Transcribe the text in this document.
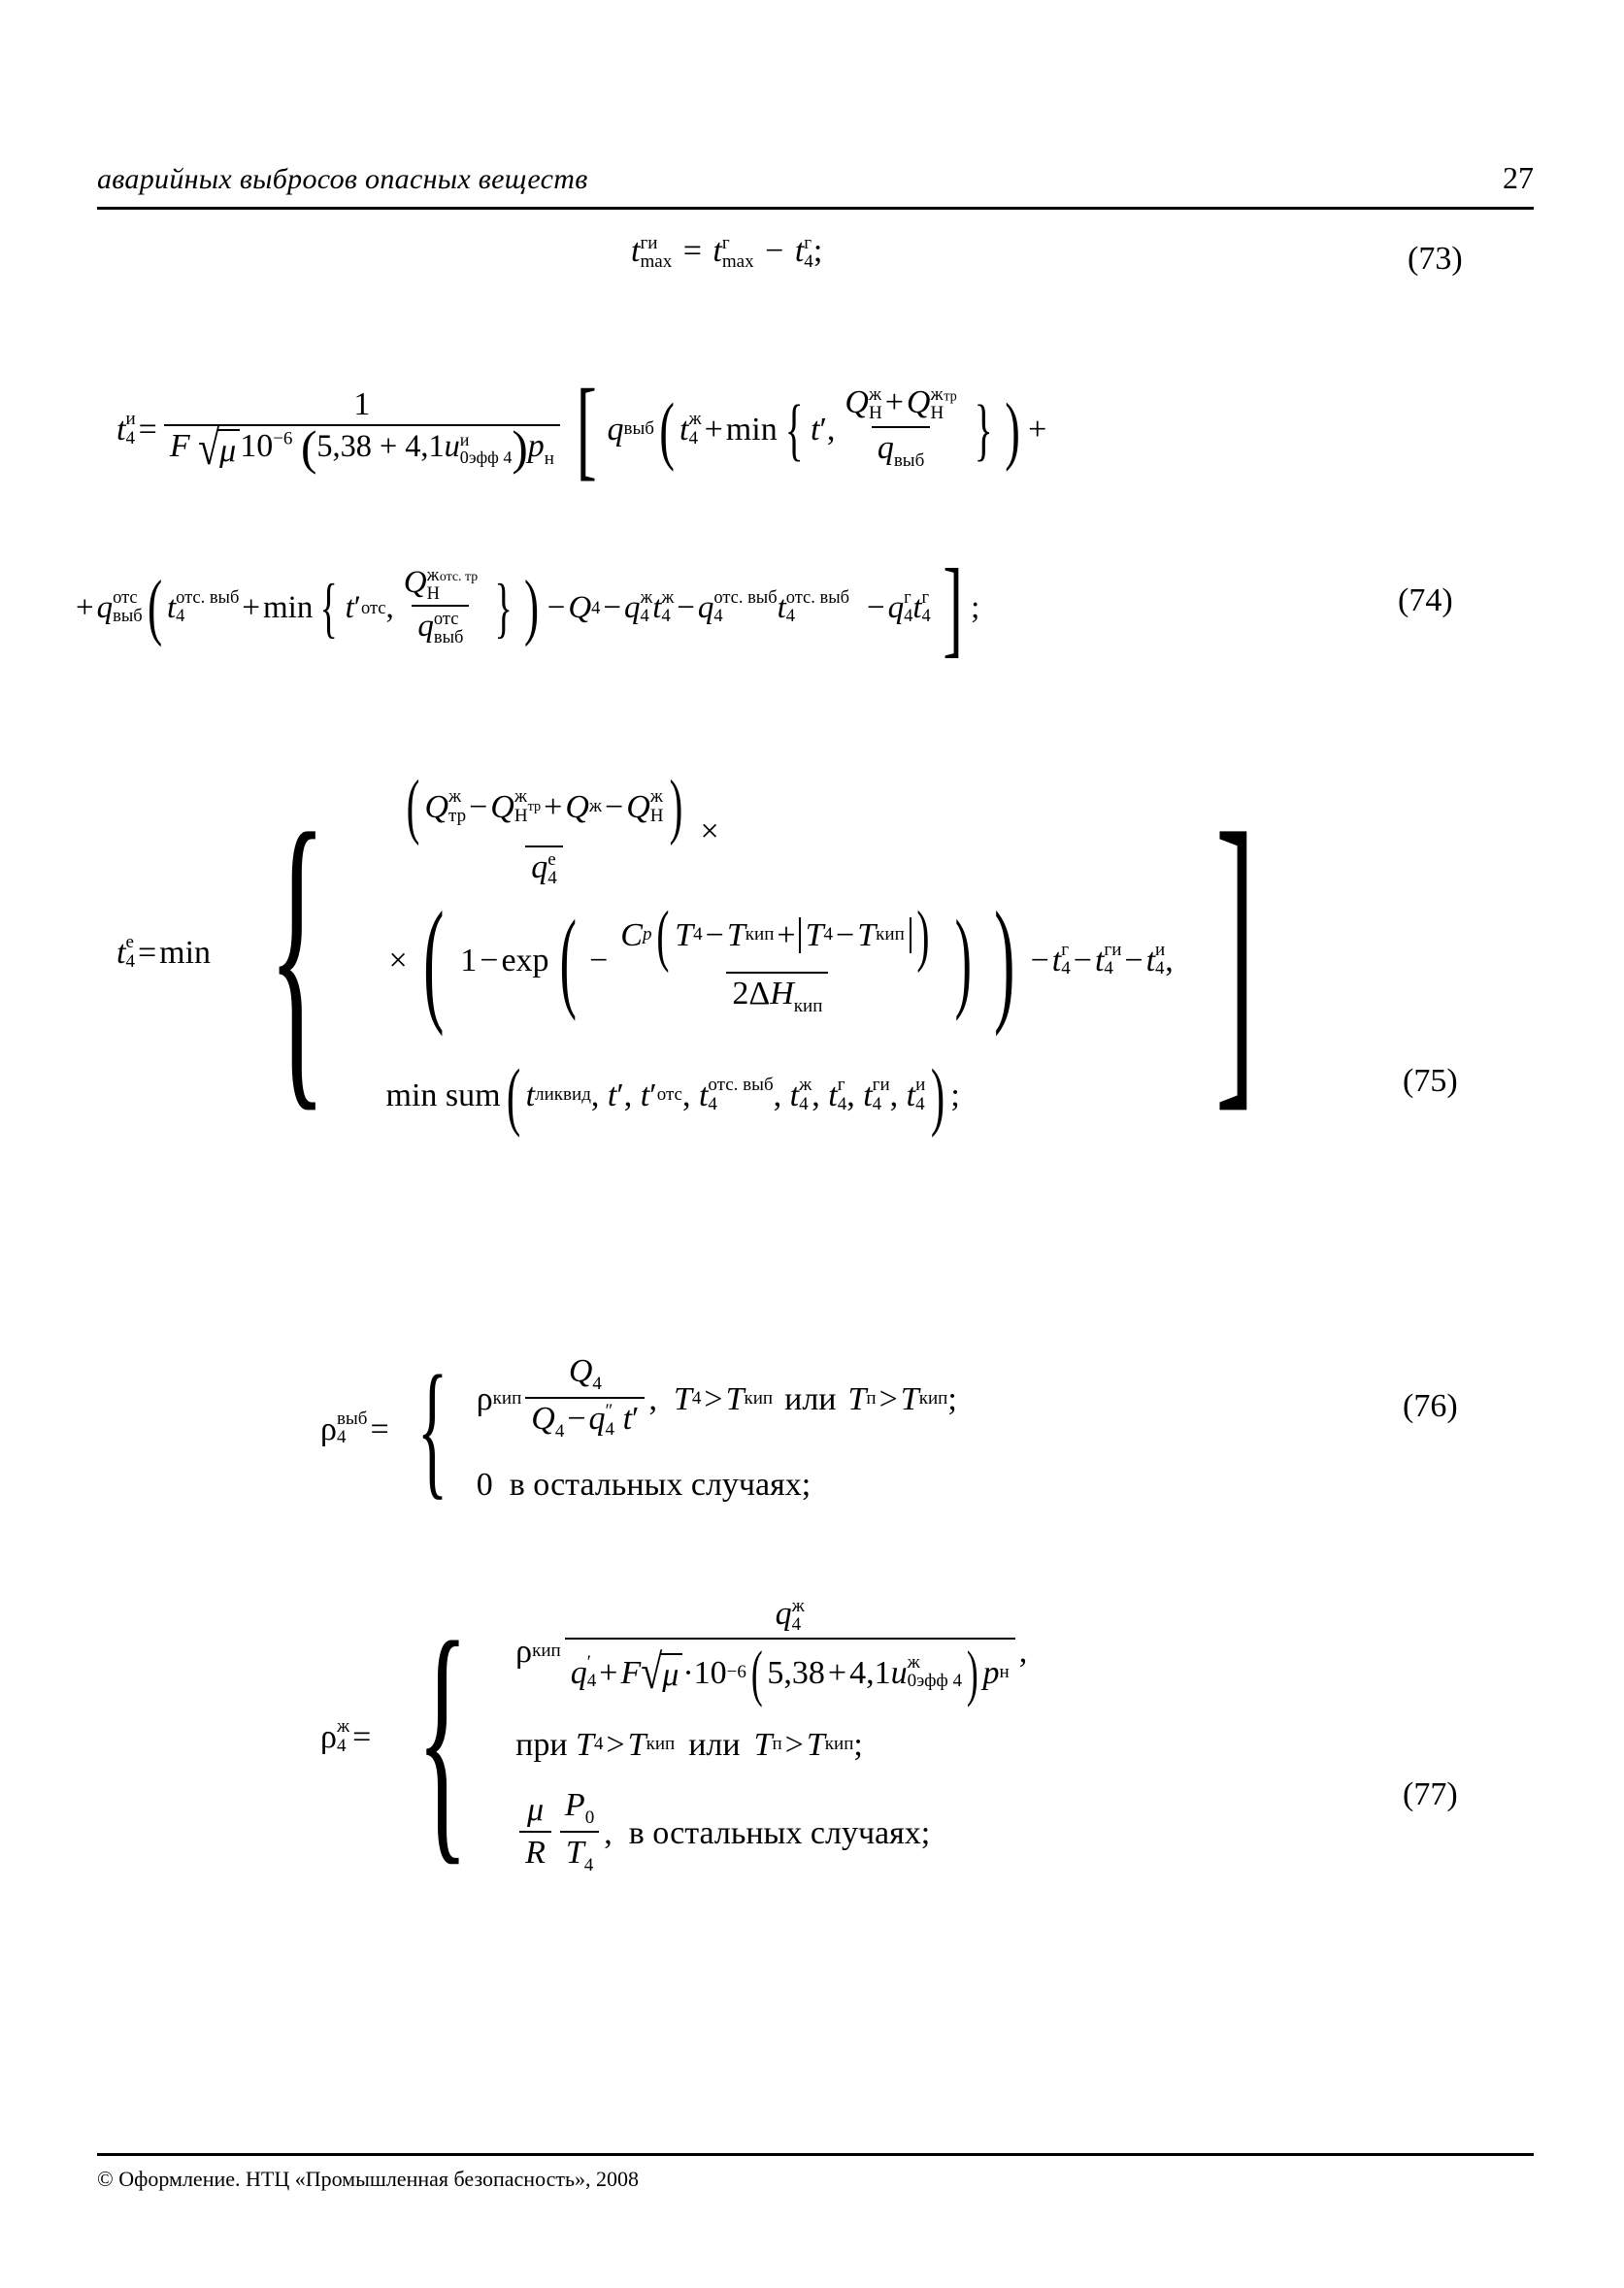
аварийных выбросов опасных веществ	27
t ги
max = t г
max − t г
4 ;	(73)
t и
4 = 1
F √ μ $10^{-6}$ (5,38 + 4,1u и
0эфф 4 )$p_н$ [ q выб ( t ж
4 + min { t ′, Q ж
H +Q ж
H
$^{тр}$
$q_{выб}$ } ) +
+ q отс
выб ( t отс. выб
4	+ min { t ′ отс , Q ж
H
$^{отс. тр}$
q отс
выб } ) − Q 4 − q ж
4 t ж
4 − q отс. выб
4	t отс. выб
4	− q г
4 t г
4 ] ;	(74)
t e
4 = min { ( Q ж
тр − Q ж
H тр + Q ж − Q ж
H )
q e
4
×
× ( 1 − exp ( −
C p ( T 4 − T кип + T 4 − T кип )
$2\Delta H_{кип}$ ) ) − t г
4 − t ги
4 − t и
4 ,
min sum ( t ликвид ,
t ′,
t ′ отс ,
t отс. выб
4	,
t ж
4 ,
t г
4 ,
t ги
4 ,
t и
4 ) ; ]	(75)
ρ выб
4 = { ρ кип $Q_4$
$Q_4-q$ ″
4 t′ ,
T 4 > T кип или T п > T кип ;
0 в остальных случаях;
(76)
ρ ж
4 = { ρ кип
q ж
4
q ′
4 + F √ μ ·10 −6 ( 5,38 + 4,1 u ж
0эфф 4 ) p н
,
при T 4 > T кип или T п > T кип ;
$\frac{\mu}{R} \frac{P_0}{T_4}$ ,  в остальных случаях;
(77)
© Оформление. НТЦ «Промышленная безопасность», 2008
